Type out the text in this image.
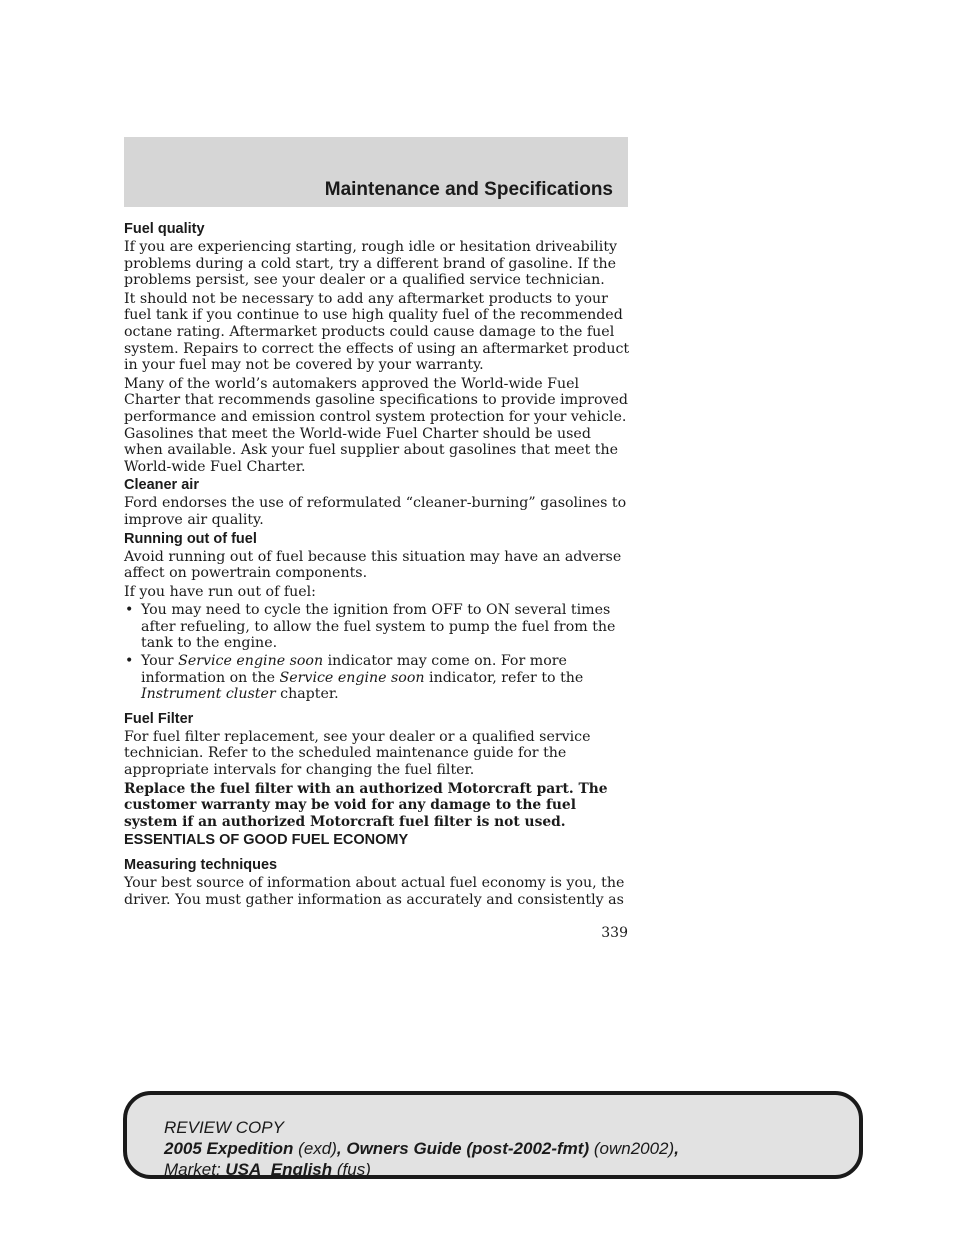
Maintenance and Specifications
Fuel quality

If you are experiencing starting, rough idle or hesitation driveability problems during a cold start, try a different brand of gasoline. If the problems persist, see your dealer or a qualified service technician.

It should not be necessary to add any aftermarket products to your fuel tank if you continue to use high quality fuel of the recommended octane rating. Aftermarket products could cause damage to the fuel system. Repairs to correct the effects of using an aftermarket product in your fuel may not be covered by your warranty.

Many of the world’s automakers approved the World-wide Fuel Charter that recommends gasoline specifications to provide improved performance and emission control system protection for your vehicle. Gasolines that meet the World-wide Fuel Charter should be used when available. Ask your fuel supplier about gasolines that meet the World-wide Fuel Charter.

Cleaner air

Ford endorses the use of reformulated “cleaner-burning” gasolines to improve air quality.

Running out of fuel

Avoid running out of fuel because this situation may have an adverse affect on powertrain components.

If you have run out of fuel:

• You may need to cycle the ignition from OFF to ON several times after refueling, to allow the fuel system to pump the fuel from the tank to the engine.
• Your Service engine soon indicator may come on. For more information on the Service engine soon indicator, refer to the Instrument cluster chapter.
Fuel Filter

For fuel filter replacement, see your dealer or a qualified service technician. Refer to the scheduled maintenance guide for the appropriate intervals for changing the fuel filter.

Replace the fuel filter with an authorized Motorcraft part. The customer warranty may be void for any damage to the fuel system if an authorized Motorcraft fuel filter is not used.

ESSENTIALS OF GOOD FUEL ECONOMY
Measuring techniques

Your best source of information about actual fuel economy is you, the driver. You must gather information as accurately and consistently as

339
REVIEW COPY
2005 Expedition (exd), Owners Guide (post-2002-fmt) (own2002),
Market: USA_English (fus)
